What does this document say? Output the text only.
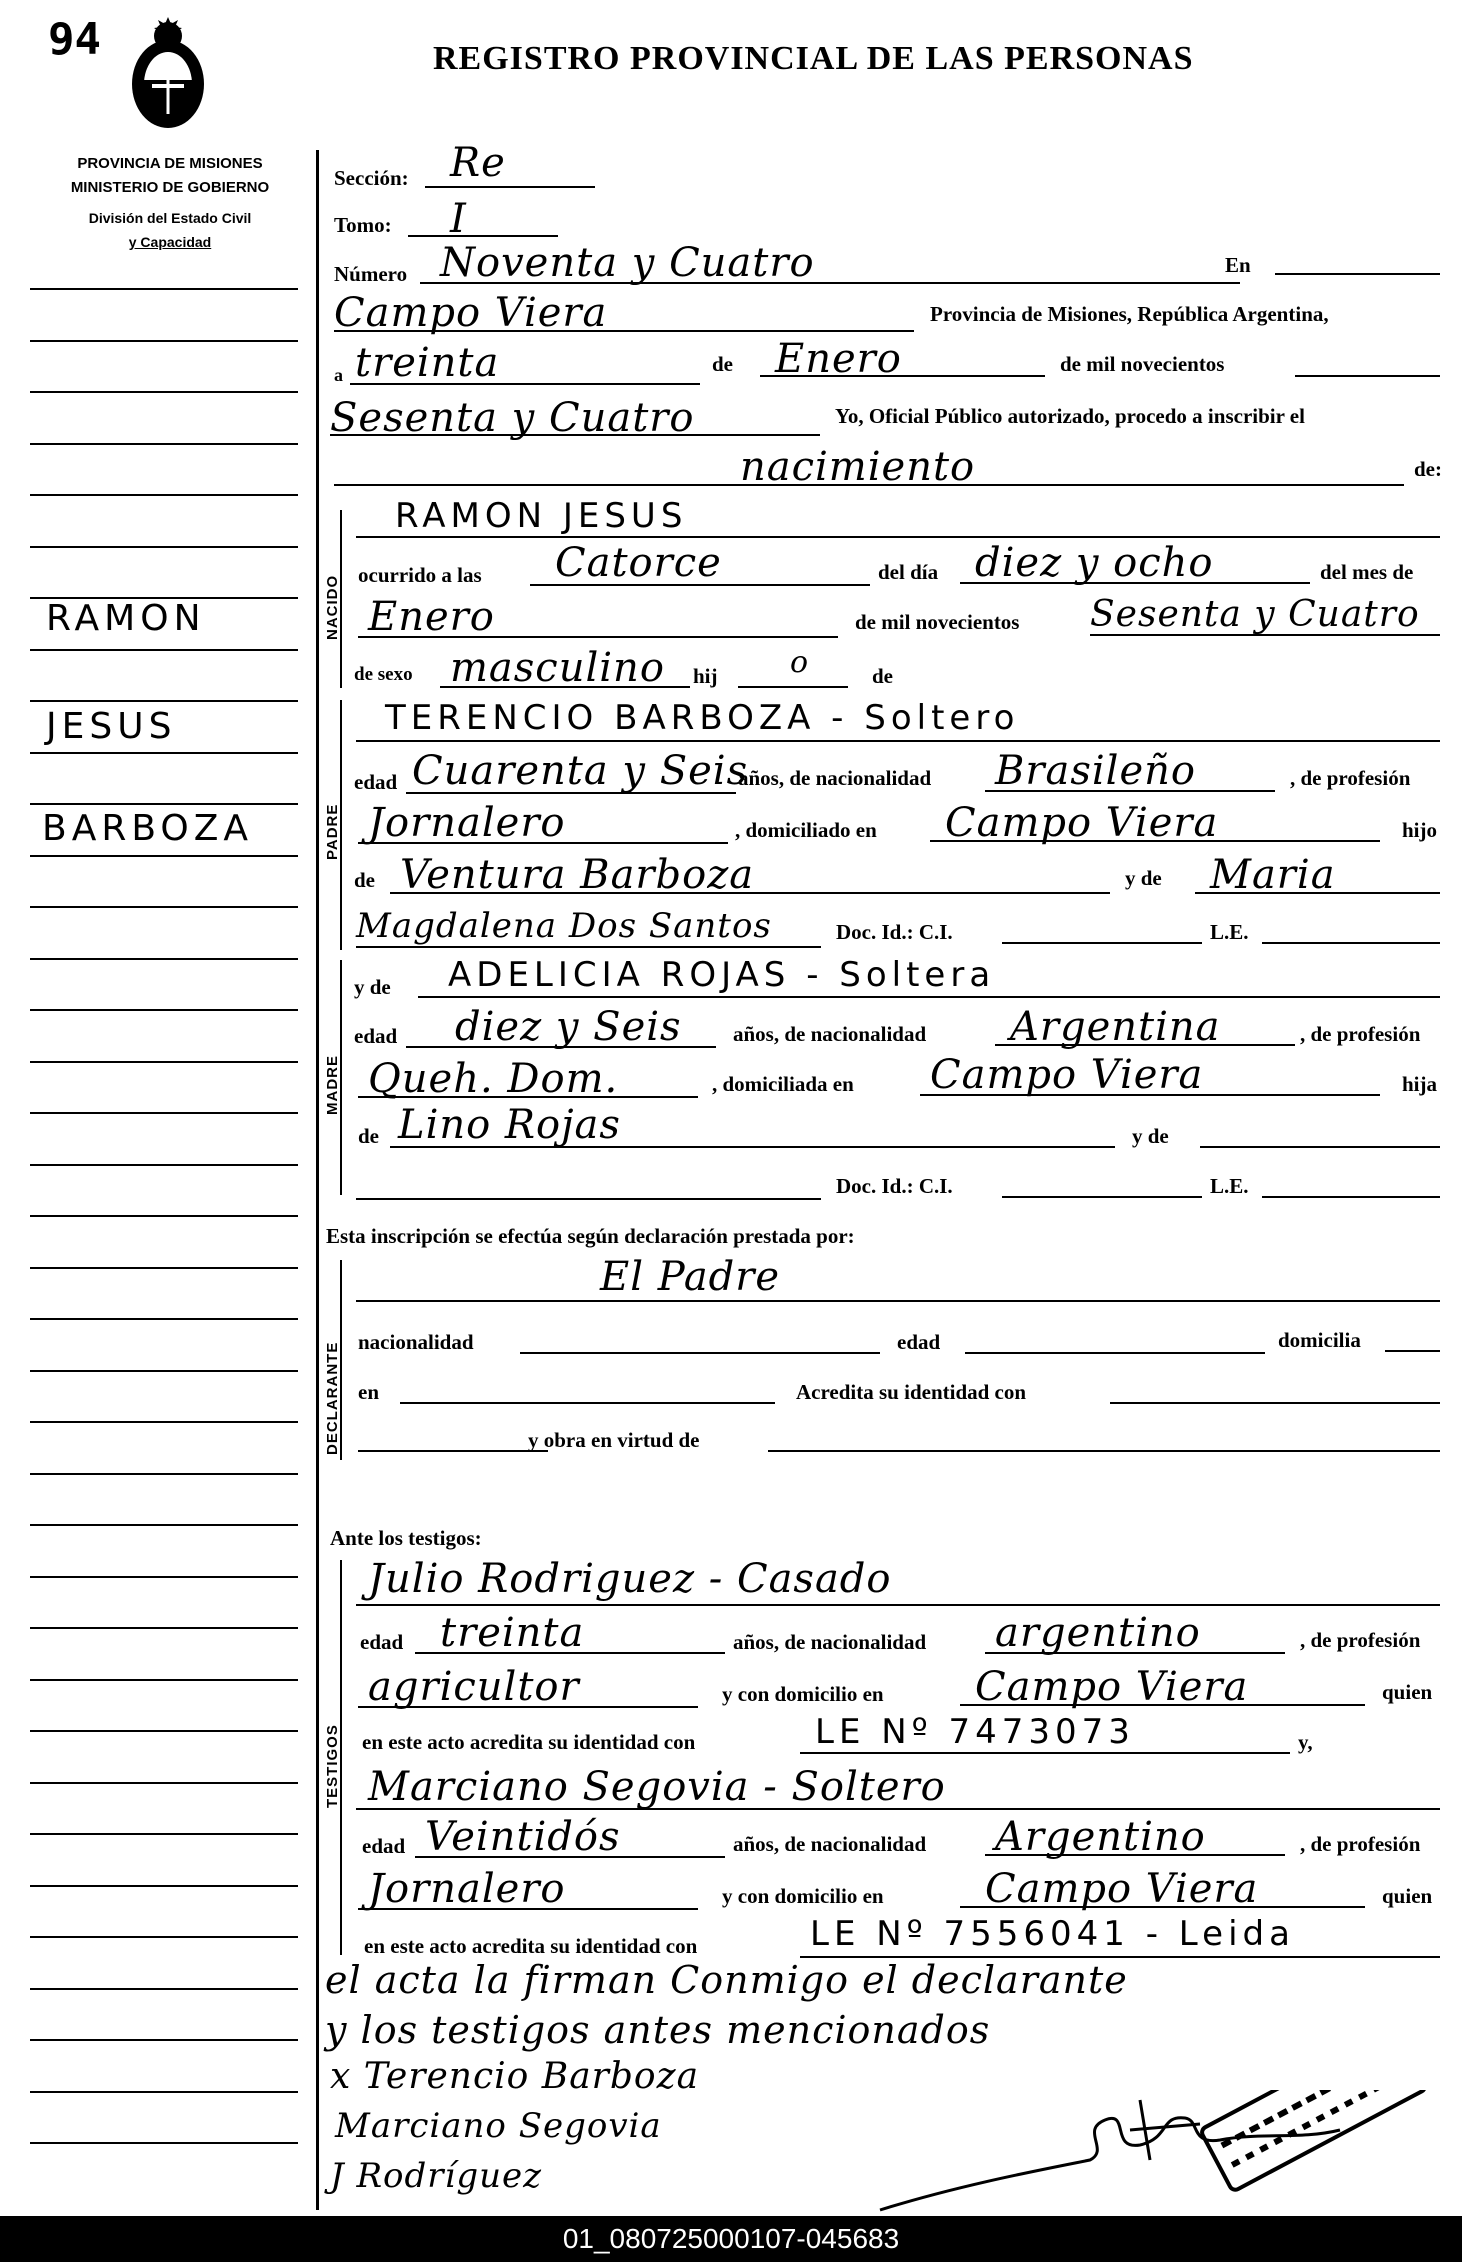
94	REGISTRO PROVINCIAL DE LAS PERSONAS
PROVINCIA DE MISIONES
MINISTERIO DE GOBIERNO
División del Estado Civil
y Capacidad
RAMON
JESUS
BARBOZA
Sección: Re
Tomo: I
Número Noventa y Cuatro	En
Campo Viera	Provincia de Misiones, República Argentina,
a treinta	de Enero	de mil novecientos
Sesenta y Cuatro	Yo, Oficial Público autorizado, procedo a inscribir el
nacimiento	de:
NACIDO
RAMON JESUS
ocurrido a las Catorce	del día diez y ocho	del mes de
Enero	de mil novecientos Sesenta y Cuatro
de sexo masculino hij o	de
PADRE
TERENCIO BARBOZA - Soltero
edad Cuarenta y Seis
años, de nacionalidad Brasileño	, de profesión
Jornalero	, domiciliado en Campo Viera	hijo
de Ventura Barboza	y de Maria
Magdalena Dos Santos	Doc. Id.: C.I.	L.E.
MADRE
y de ADELICIA ROJAS - Soltera
edad diez y Seis años, de nacionalidad Argentina	, de profesión
Queh. Dom.	, domiciliada en Campo Viera	hija
de Lino Rojas	y de
Doc. Id.: C.I.	L.E.
Esta inscripción se efectúa según declaración prestada por:
DECLARANTE
El Padre
nacionalidad	edad	domicilia
en	Acredita su identidad con
y obra en virtud de
Ante los testigos:
TESTIGOS
Julio Rodriguez - Casado
edad treinta	años, de nacionalidad argentino	, de profesión
agricultor	y con domicilio en Campo Viera	quien
en este acto acredita su identidad con	LE Nº 7473073	y,
Marciano Segovia - Soltero
edad Veintidós	años, de nacionalidad Argentino	, de profesión
Jornalero	y con domicilio en	Campo Viera	quien
en este acto acredita su identidad con	LE Nº 7556041 - Leida
el acta la firman Conmigo el declarante
y los testigos antes mencionados
x Terencio Barboza
Marciano Segovia
J Rodríguez
01_080725000107-045683
